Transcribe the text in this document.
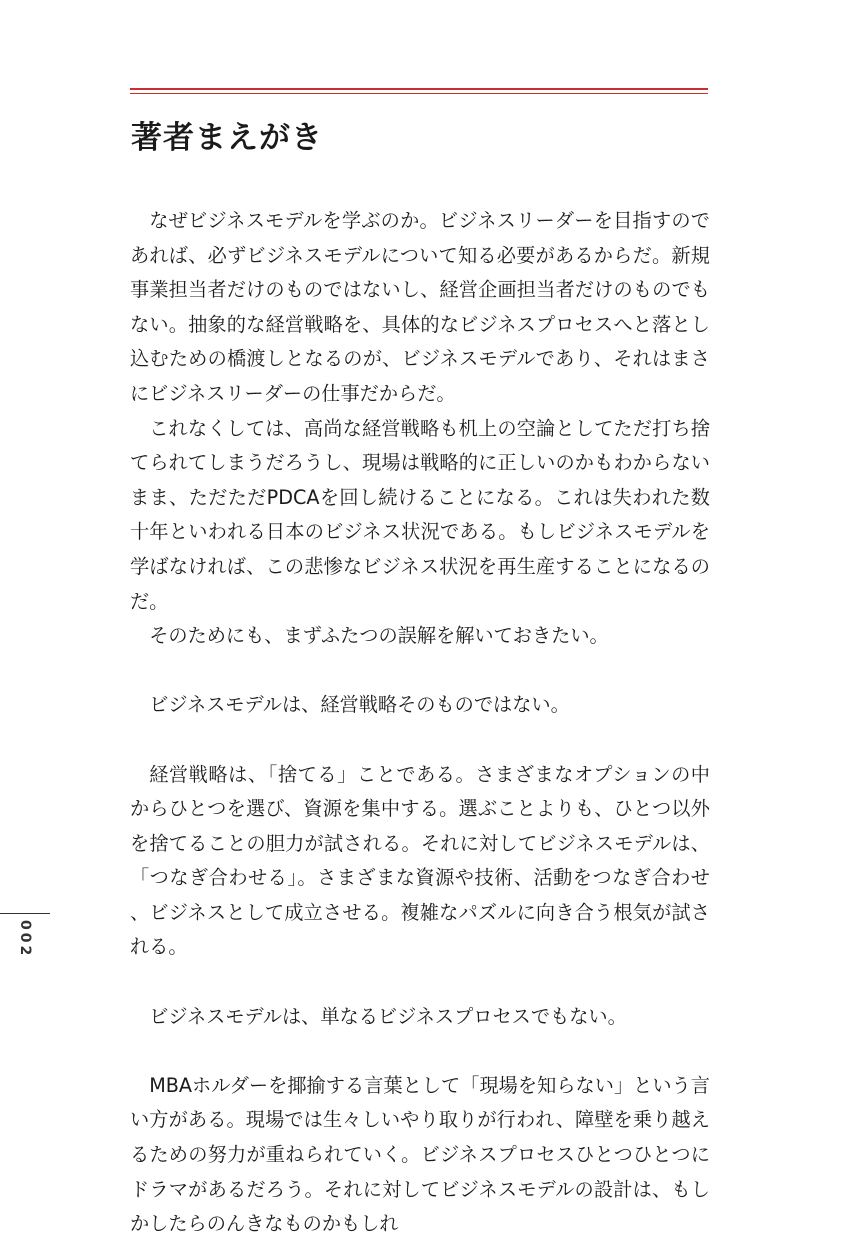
著者まえがき

なぜビジネスモデルを学ぶのか。ビジネスリーダーを目指すのであれば、必ずビジネスモデルについて知る必要があるからだ。新規事業担当者だけのものではないし、経営企画担当者だけのものでもない。抽象的な経営戦略を、具体的なビジネスプロセスへと落とし込むための橋渡しとなるのが、ビジネスモデルであり、それはまさにビジネスリーダーの仕事だからだ。

これなくしては、高尚な経営戦略も机上の空論としてただ打ち捨てられてしまうだろうし、現場は戦略的に正しいのかもわからないまま、ただただPDCAを回し続けることになる。これは失われた数十年といわれる日本のビジネス状況である。もしビジネスモデルを学ばなければ、この悲惨なビジネス状況を再生産することになるのだ。

そのためにも、まずふたつの誤解を解いておきたい。

ビジネスモデルは、経営戦略そのものではない。

経営戦略は、「捨てる」ことである。さまざまなオプションの中からひとつを選び、資源を集中する。選ぶことよりも、ひとつ以外を捨てることの胆力が試される。それに対してビジネスモデルは、「つなぎ合わせる」。さまざまな資源や技術、活動をつなぎ合わせ、ビジネスとして成立させる。複雑なパズルに向き合う根気が試される。

ビジネスモデルは、単なるビジネスプロセスでもない。

MBAホルダーを揶揄する言葉として「現場を知らない」という言い方がある。現場では生々しいやり取りが行われ、障壁を乗り越えるための努力が重ねられていく。ビジネスプロセスひとつひとつにドラマがあるだろう。それに対してビジネスモデルの設計は、もしかしたらのんきなものかもしれ

002
